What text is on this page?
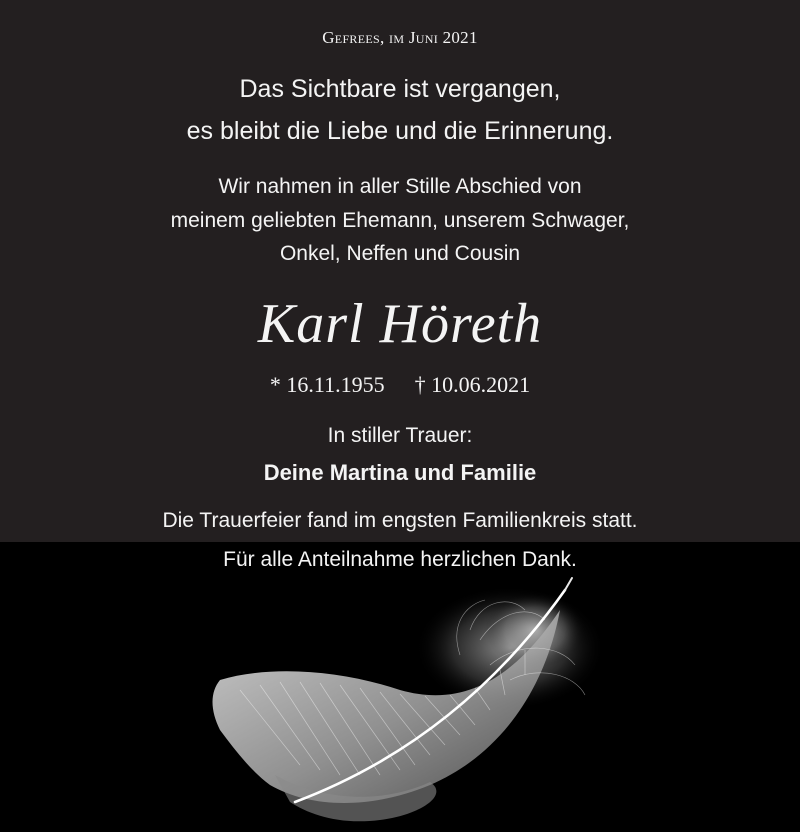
Gefrees, im Juni 2021
Das Sichtbare ist vergangen,
es bleibt die Liebe und die Erinnerung.
Wir nahmen in aller Stille Abschied von
meinem geliebten Ehemann, unserem Schwager,
Onkel, Neffen und Cousin
Karl Höreth
* 16.11.1955 † 10.06.2021
In stiller Trauer:
Deine Martina und Familie
Die Trauerfeier fand im engsten Familienkreis statt.
Für alle Anteilnahme herzlichen Dank.
